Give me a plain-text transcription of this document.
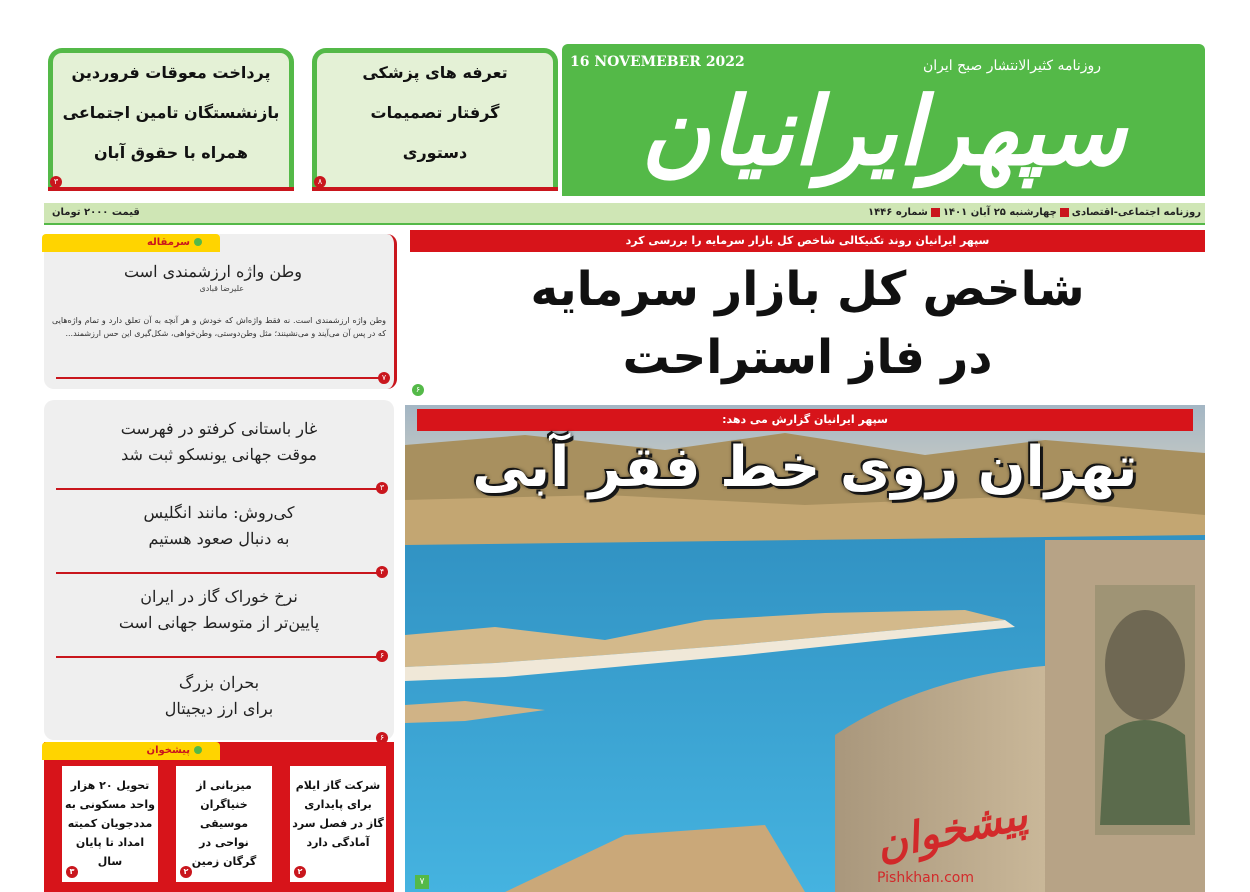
روزنامه کثیرالانتشار صبح ایران
16 NOVEMEBER 2022
سپهرایرانیان
تعرفه های پزشکی
گرفتار تصمیمات
دستوری
۸
پرداخت معوقات فروردین
بازنشستگان تامین اجتماعی
همراه با حقوق آبان
۳
روزنامه اجتماعی-اقتصادیچهارشنبه ۲۵ آبان ۱۴۰۱شماره ۱۴۴۶
قیمت ۲۰۰۰ تومان
سپهر ایرانیان روند تکنیکالی شاخص کل بازار سرمایه را بررسی کرد
شاخص کل بازار سرمایه
در فاز استراحت
۶
سپهر ایرانیان گزارش می دهد:
تهران روی خط فقر آبی
پیشخوان
Pishkhan.com
۷
سرمقاله
وطن واژه ارزشمندی است
علیرضا قبادی
وطن واژه ارزشمندی است. نه فقط واژه‌اش که خودش و هر آنچه به آن تعلق دارد و تمام واژه‌هایی که در پس آن می‌آیند و می‌نشینند؛ مثل وطن‌دوستی، وطن‌خواهی، شکل‌گیری این حس ارزشمند...
۷
غار باستانی کرفتو در فهرست
موقت جهانی یونسکو ثبت شد
۳
کی‌روش: مانند انگلیس
به دنبال صعود هستیم
۴
نرخ خوراک گاز در ایران
پایین‌تر از متوسط جهانی است
۶
بحران بزرگ
برای ارز دیجیتال
۶
پیشخوان
شرکت گاز ایلام
برای پایداری
گاز در فصل سرد
آمادگی دارد
۲
میزبانی از
خنیاگران موسیقی
نواحی در
گرگان زمین
۲
تحویل ۲۰ هزار
واحد مسکونی به
مددجویان کمیته
امداد تا پایان سال
۳
